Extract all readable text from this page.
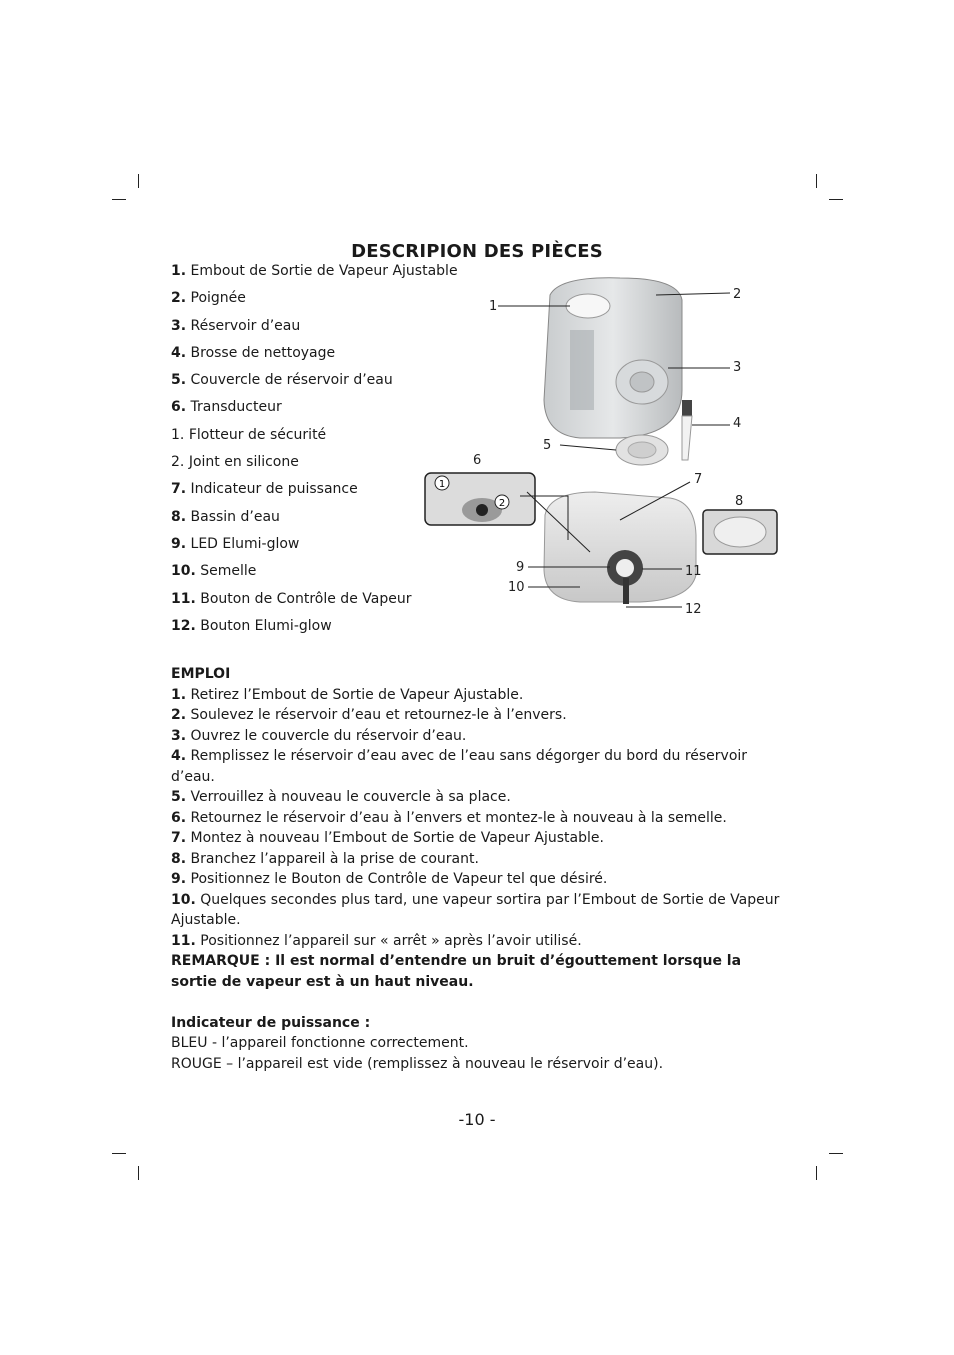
DESCRIPION DES PIÈCES
1. Embout de Sortie de Vapeur Ajustable
2. Poignée
3. Réservoir d’eau
4. Brosse de nettoyage
5. Couvercle de réservoir d’eau
6. Transducteur
1. Flotteur de sécurité
2. Joint en silicone
7. Indicateur de puissance
8. Bassin d’eau
9. LED Elumi-glow
10. Semelle
11. Bouton de Contrôle de Vapeur
12. Bouton Elumi-glow
1
2
1
2
3
4
5
6
7
8
9
10
11
12

EMPLOI

1. Retirez l’Embout de Sortie de Vapeur Ajustable.

2. Soulevez le réservoir d’eau et retournez-le à l’envers.

3. Ouvrez le couvercle du réservoir d’eau.

4. Remplissez le réservoir d’eau avec de l’eau sans dégorger du bord du réservoir d’eau.

5. Verrouillez à nouveau le couvercle à sa place.

6. Retournez le réservoir d’eau à l’envers et montez-le à nouveau à la semelle.

7. Montez à nouveau l’Embout de Sortie de Vapeur Ajustable.

8. Branchez l’appareil à la prise de courant.

9. Positionnez le Bouton de Contrôle de Vapeur tel que désiré.

10. Quelques secondes plus tard, une vapeur sortira par l’Embout de Sortie de Vapeur Ajustable.

11. Positionnez l’appareil sur « arrêt » après l’avoir utilisé.

REMARQUE : Il est normal d’entendre un bruit d’égouttement lorsque la sortie de vapeur est à un haut niveau.

Indicateur de puissance :

BLEU - l’appareil fonctionne correctement.

ROUGE – l’appareil est vide (remplissez à nouveau le réservoir d’eau).

-10 -
